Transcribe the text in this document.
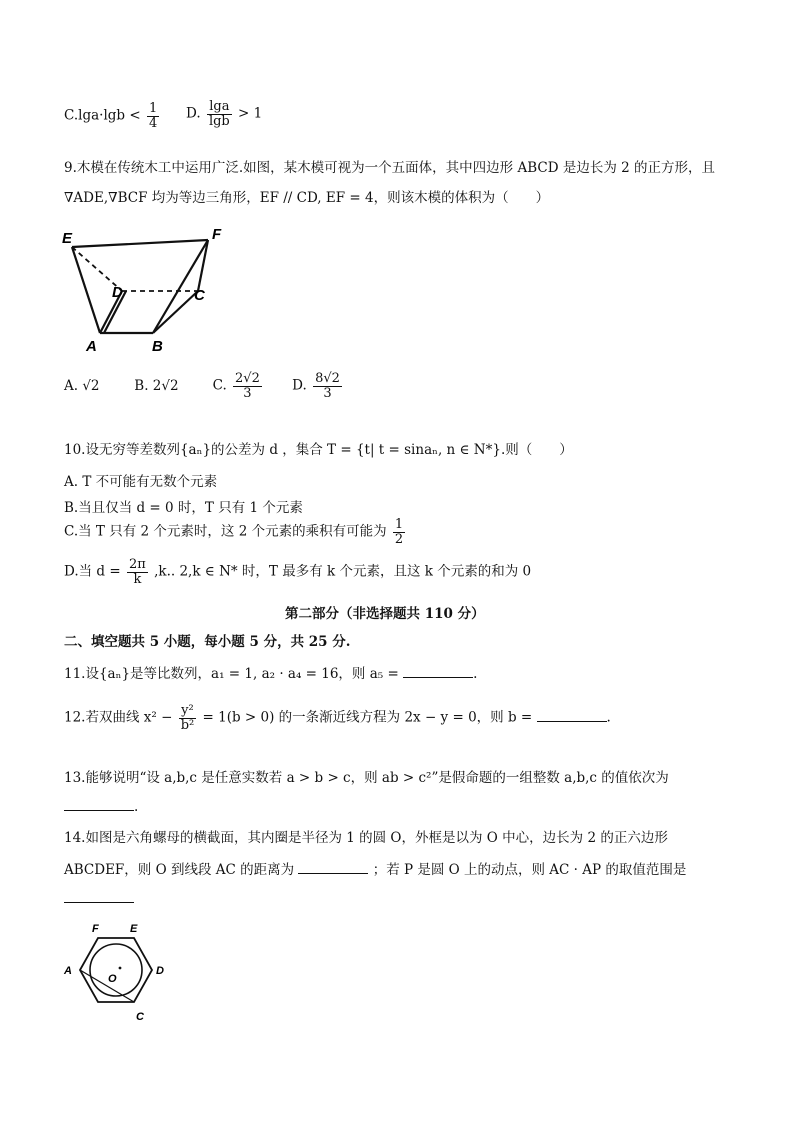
$C.\lg a\cdot\lg b < \frac{1}{4} D$. $\frac{\lg a}{\lg b} > 1$
9.木模在传统木工中运用广泛.如图，某木模可视为一个五面体，其中四边形 ABCD 是边长为 2 的正方形，且
∇ADE,∇BCF 均为等边三角形，EF // CD, EF = 4，则该木模的体积为（　　）
E	F
D	C
A	B
A. √2	B. 2√2	C. $\frac{2√2}{3} D$. $\frac{8√2}{3}$
10.设无穷等差数列{aₙ}的公差为 d ，集合 T = {t| t = sinaₙ, n ∈ N*}.则（　　）
A. T 不可能有无数个元素
B.当且仅当 d = 0 时，T 只有 1 个元素
C.当 T 只有 2 个元素时，这 2 个元素的乘积有可能为 $\frac{1}{2}$
D.当 $d = \frac{2\pi}{k} ,k$.. 2,k ∈ N* 时，T 最多有 k 个元素，且这 k 个元素的和为 0
第二部分（非选择题共 110 分）
二、填空题共 5 小题，每小题 5 分，共 25 分.
11.设{aₙ}是等比数列，a₁ = 1, a₂ · a₄ = 16，则 a₅ =	.
12.若双曲线 $x^2 - \frac{\text{y²}}{\text{b²}} = 1(b > 0)$ 的一条渐近线方程为 2x − y = 0，则 b =	.
13.能够说明“设 a,b,c 是任意实数若 a > b > c，则 ab > c²”是假命题的一组整数 a,b,c 的值依次为
.
14.如图是六角螺母的横截面，其内圈是半径为 1 的圆 O，外框是以为 O 中心，边长为 2 的正六边形
ABCDEF，则 O 到线段 AC 的距离为	；若 P 是圆 O 上的动点，则 AC · AP 的取值范围是
F	E
A	D
C
O
